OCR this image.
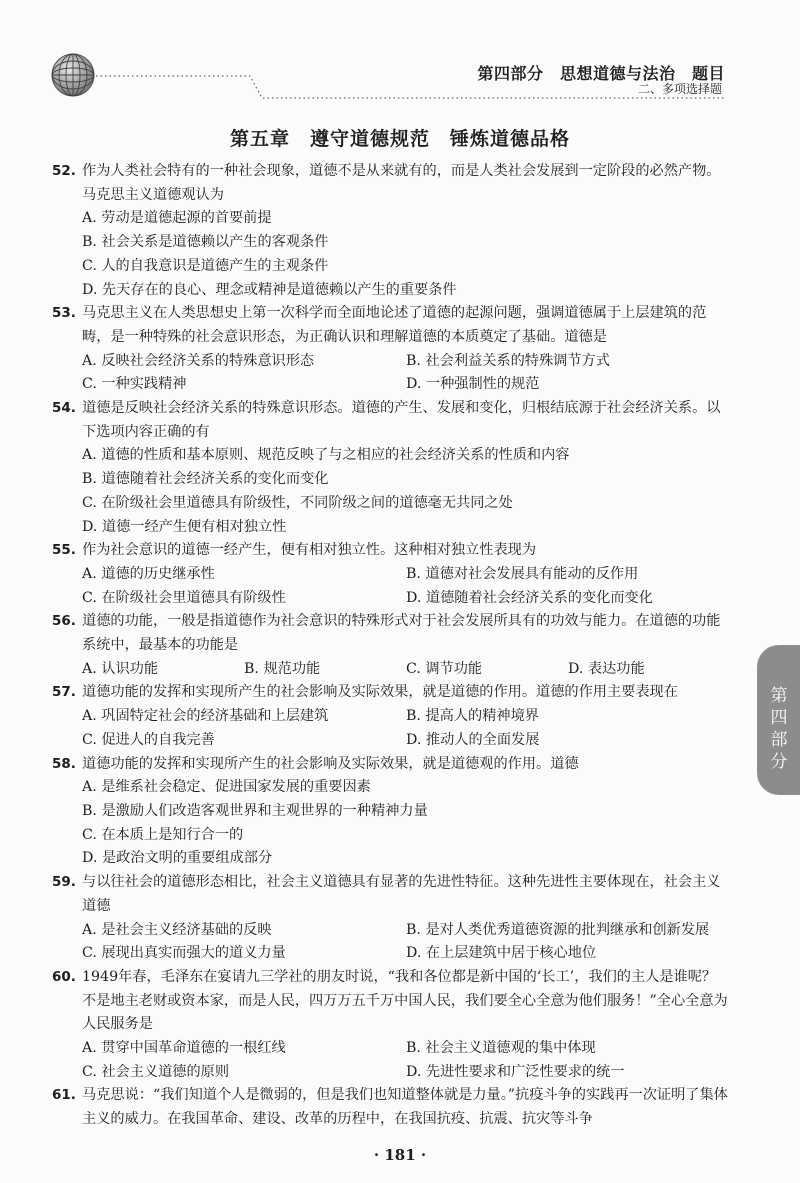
第四部分　思想道德与法治　题目
二、多项选择题
第五章　遵守道德规范　锤炼道德品格
52. 作为人类社会特有的一种社会现象，道德不是从来就有的，而是人类社会发展到一定阶段的必然产物。马克思主义道德观认为
A. 劳动是道德起源的首要前提
B. 社会关系是道德赖以产生的客观条件
C. 人的自我意识是道德产生的主观条件
D. 先天存在的良心、理念或精神是道德赖以产生的重要条件
53. 马克思主义在人类思想史上第一次科学而全面地论述了道德的起源问题，强调道德属于上层建筑的范畴，是一种特殊的社会意识形态，为正确认识和理解道德的本质奠定了基础。道德是
A. 反映社会经济关系的特殊意识形态	B. 社会利益关系的特殊调节方式
C. 一种实践精神	D. 一种强制性的规范
54. 道德是反映社会经济关系的特殊意识形态。道德的产生、发展和变化，归根结底源于社会经济关系。以下选项内容正确的有
A. 道德的性质和基本原则、规范反映了与之相应的社会经济关系的性质和内容
B. 道德随着社会经济关系的变化而变化
C. 在阶级社会里道德具有阶级性，不同阶级之间的道德毫无共同之处
D. 道德一经产生便有相对独立性
55. 作为社会意识的道德一经产生，便有相对独立性。这种相对独立性表现为
A. 道德的历史继承性	B. 道德对社会发展具有能动的反作用
C. 在阶级社会里道德具有阶级性	D. 道德随着社会经济关系的变化而变化
56. 道德的功能，一般是指道德作为社会意识的特殊形式对于社会发展所具有的功效与能力。在道德的功能系统中，最基本的功能是
A. 认识功能	B. 规范功能	C. 调节功能	D. 表达功能
57. 道德功能的发挥和实现所产生的社会影响及实际效果，就是道德的作用。道德的作用主要表现在
A. 巩固特定社会的经济基础和上层建筑	B. 提高人的精神境界
C. 促进人的自我完善	D. 推动人的全面发展
58. 道德功能的发挥和实现所产生的社会影响及实际效果，就是道德观的作用。道德
A. 是维系社会稳定、促进国家发展的重要因素
B. 是激励人们改造客观世界和主观世界的一种精神力量
C. 在本质上是知行合一的
D. 是政治文明的重要组成部分
59. 与以往社会的道德形态相比，社会主义道德具有显著的先进性特征。这种先进性主要体现在，社会主义道德
A. 是社会主义经济基础的反映	B. 是对人类优秀道德资源的批判继承和创新发展
C. 展现出真实而强大的道义力量	D. 在上层建筑中居于核心地位
60. 1949年春，毛泽东在宴请九三学社的朋友时说，“我和各位都是新中国的‘长工’，我们的主人是谁呢？不是地主老财或资本家，而是人民，四万万五千万中国人民，我们要全心全意为他们服务！”全心全意为人民服务是
A. 贯穿中国革命道德的一根红线	B. 社会主义道德观的集中体现
C. 社会主义道德的原则	D. 先进性要求和广泛性要求的统一
61. 马克思说：“我们知道个人是微弱的，但是我们也知道整体就是力量。”抗疫斗争的实践再一次证明了集体主义的威力。在我国革命、建设、改革的历程中，在我国抗疫、抗震、抗灾等斗争
第四部分
· 181 ·
